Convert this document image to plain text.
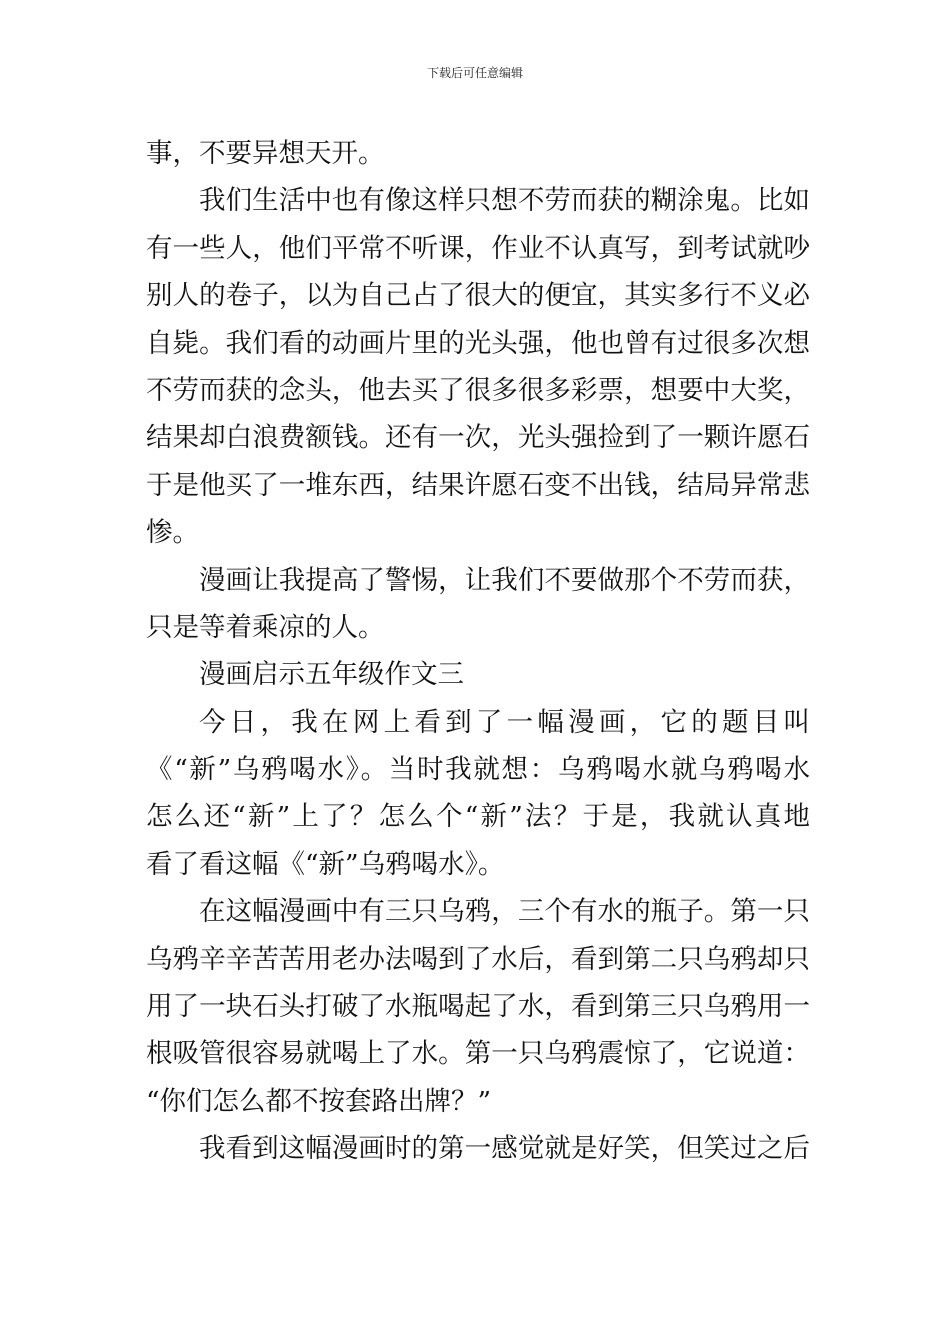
下载后可任意编辑
事，不要异想天开。
我们生活中也有像这样只想不劳而获的糊涂鬼。比如
有一些人，他们平常不听课，作业不认真写，到考试就吵
别人的卷子，以为自己占了很大的便宜，其实多行不义必
自毙。我们看的动画片里的光头强，他也曾有过很多次想
不劳而获的念头，他去买了很多很多彩票，想要中大奖，
结果却白浪费额钱。还有一次，光头强捡到了一颗许愿石
于是他买了一堆东西，结果许愿石变不出钱，结局异常悲
惨。
漫画让我提高了警惕，让我们不要做那个不劳而获，
只是等着乘凉的人。
漫画启示五年级作文三
今日，我在网上看到了一幅漫画，它的题目叫
《“新”乌鸦喝水》。当时我就想：乌鸦喝水就乌鸦喝水
怎么还“新”上了？怎么个“新”法？于是，我就认真地
看了看这幅《“新”乌鸦喝水》。
在这幅漫画中有三只乌鸦，三个有水的瓶子。第一只
乌鸦辛辛苦苦用老办法喝到了水后，看到第二只乌鸦却只
用了一块石头打破了水瓶喝起了水，看到第三只乌鸦用一
根吸管很容易就喝上了水。第一只乌鸦震惊了，它说道：
“你们怎么都不按套路出牌？”
我看到这幅漫画时的第一感觉就是好笑，但笑过之后
